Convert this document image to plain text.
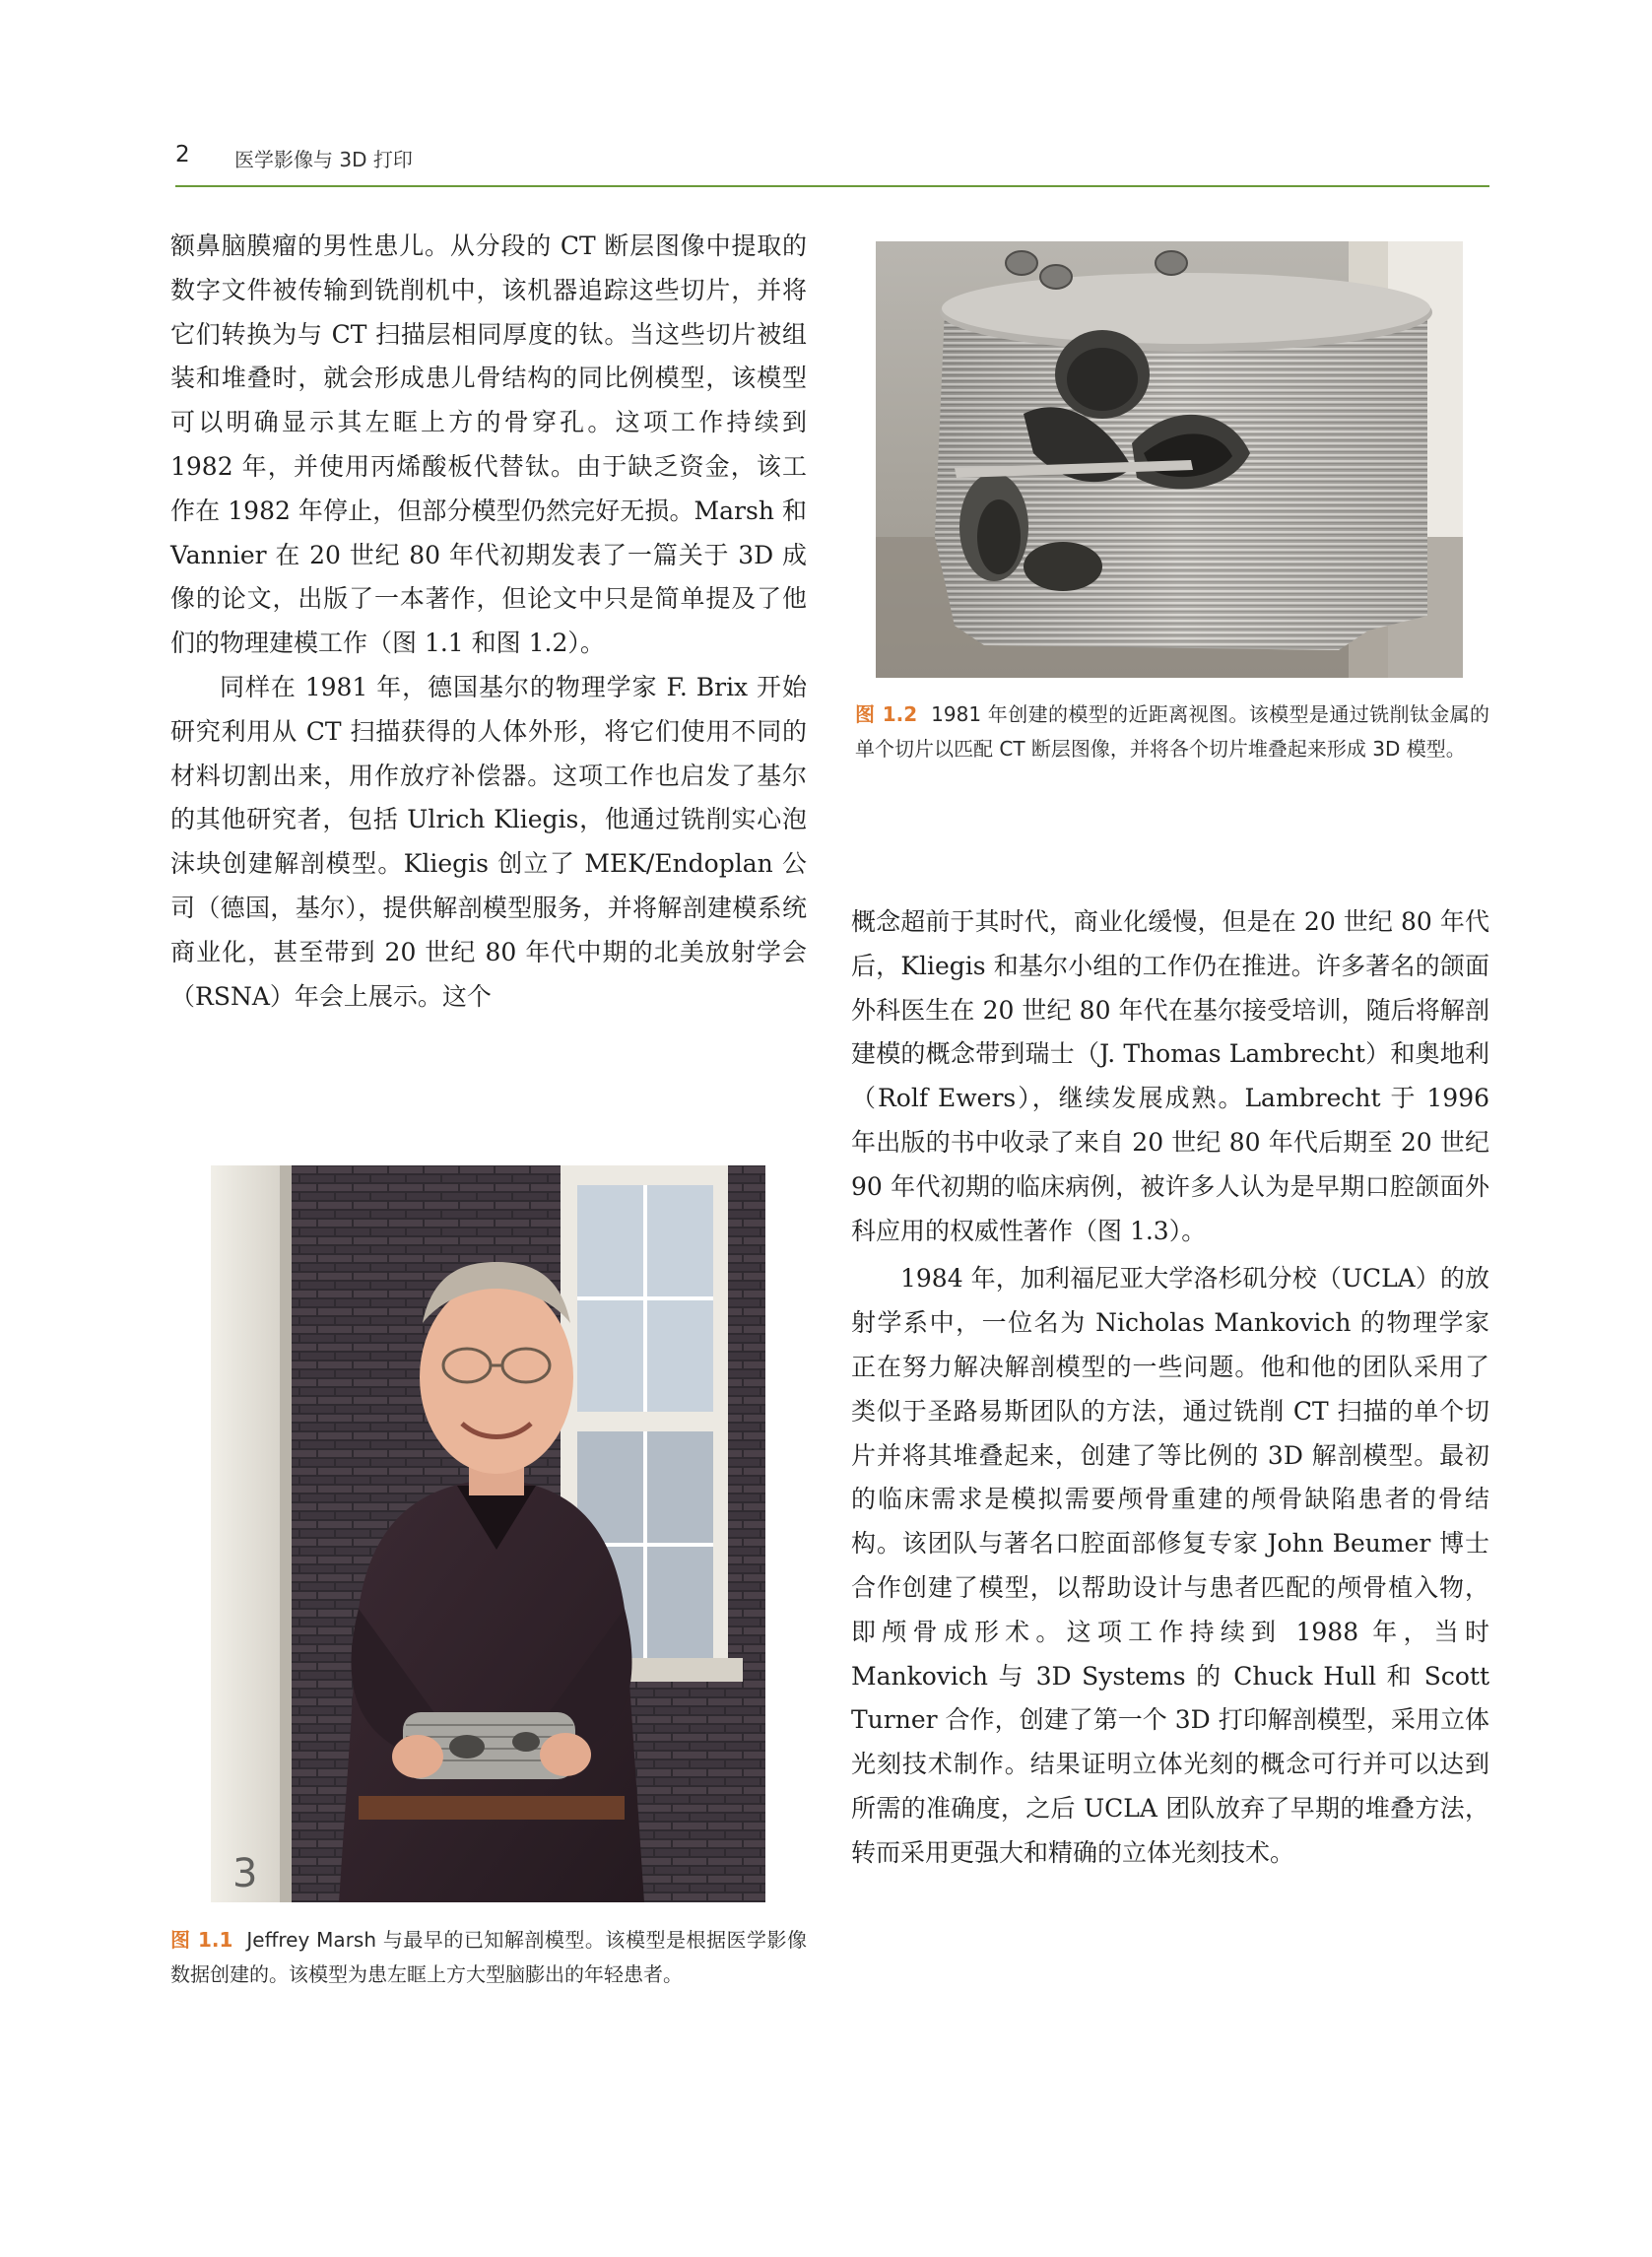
2 医学影像与 3D 打印

额鼻脑膜瘤的男性患儿。从分段的 CT 断层图像中提取的数字文件被传输到铣削机中，该机器追踪这些切片，并将它们转换为与 CT 扫描层相同厚度的钛。当这些切片被组装和堆叠时，就会形成患儿骨结构的同比例模型，该模型可以明确显示其左眶上方的骨穿孔。这项工作持续到 1982 年，并使用丙烯酸板代替钛。由于缺乏资金，该工作在 1982 年停止，但部分模型仍然完好无损。Marsh 和 Vannier 在 20 世纪 80 年代初期发表了一篇关于 3D 成像的论文，出版了一本著作，但论文中只是简单提及了他们的物理建模工作（图 1.1 和图 1.2）。

同样在 1981 年，德国基尔的物理学家 F. Brix 开始研究利用从 CT 扫描获得的人体外形，将它们使用不同的材料切割出来，用作放疗补偿器。这项工作也启发了基尔的其他研究者，包括 Ulrich Kliegis，他通过铣削实心泡沫块创建解剖模型。Kliegis 创立了 MEK/Endoplan 公司（德国，基尔），提供解剖模型服务，并将解剖建模系统商业化，甚至带到 20 世纪 80 年代中期的北美放射学会（RSNA）年会上展示。这个

图 1.2 1981 年创建的模型的近距离视图。该模型是通过铣削钛金属的单个切片以匹配 CT 断层图像，并将各个切片堆叠起来形成 3D 模型。

概念超前于其时代，商业化缓慢，但是在 20 世纪 80 年代后，Kliegis 和基尔小组的工作仍在推进。许多著名的颌面外科医生在 20 世纪 80 年代在基尔接受培训，随后将解剖建模的概念带到瑞士（J. Thomas Lambrecht）和奥地利（Rolf Ewers），继续发展成熟。Lambrecht 于 1996 年出版的书中收录了来自 20 世纪 80 年代后期至 20 世纪 90 年代初期的临床病例，被许多人认为是早期口腔颌面外科应用的权威性著作（图 1.3）。

1984 年，加利福尼亚大学洛杉矶分校（UCLA）的放射学系中，一位名为 Nicholas Mankovich 的物理学家正在努力解决解剖模型的一些问题。他和他的团队采用了类似于圣路易斯团队的方法，通过铣削 CT 扫描的单个切片并将其堆叠起来，创建了等比例的 3D 解剖模型。最初的临床需求是模拟需要颅骨重建的颅骨缺陷患者的骨结构。该团队与著名口腔面部修复专家 John Beumer 博士合作创建了模型，以帮助设计与患者匹配的颅骨植入物，即颅骨成形术。这项工作持续到 1988 年，当时 Mankovich 与 3D Systems 的 Chuck Hull 和 Scott Turner 合作，创建了第一个 3D 打印解剖模型，采用立体光刻技术制作。结果证明立体光刻的概念可行并可以达到所需的准确度，之后 UCLA 团队放弃了早期的堆叠方法，转而采用更强大和精确的立体光刻技术。

3
图 1.1 Jeffrey Marsh 与最早的已知解剖模型。该模型是根据医学影像数据创建的。该模型为患左眶上方大型脑膨出的年轻患者。
